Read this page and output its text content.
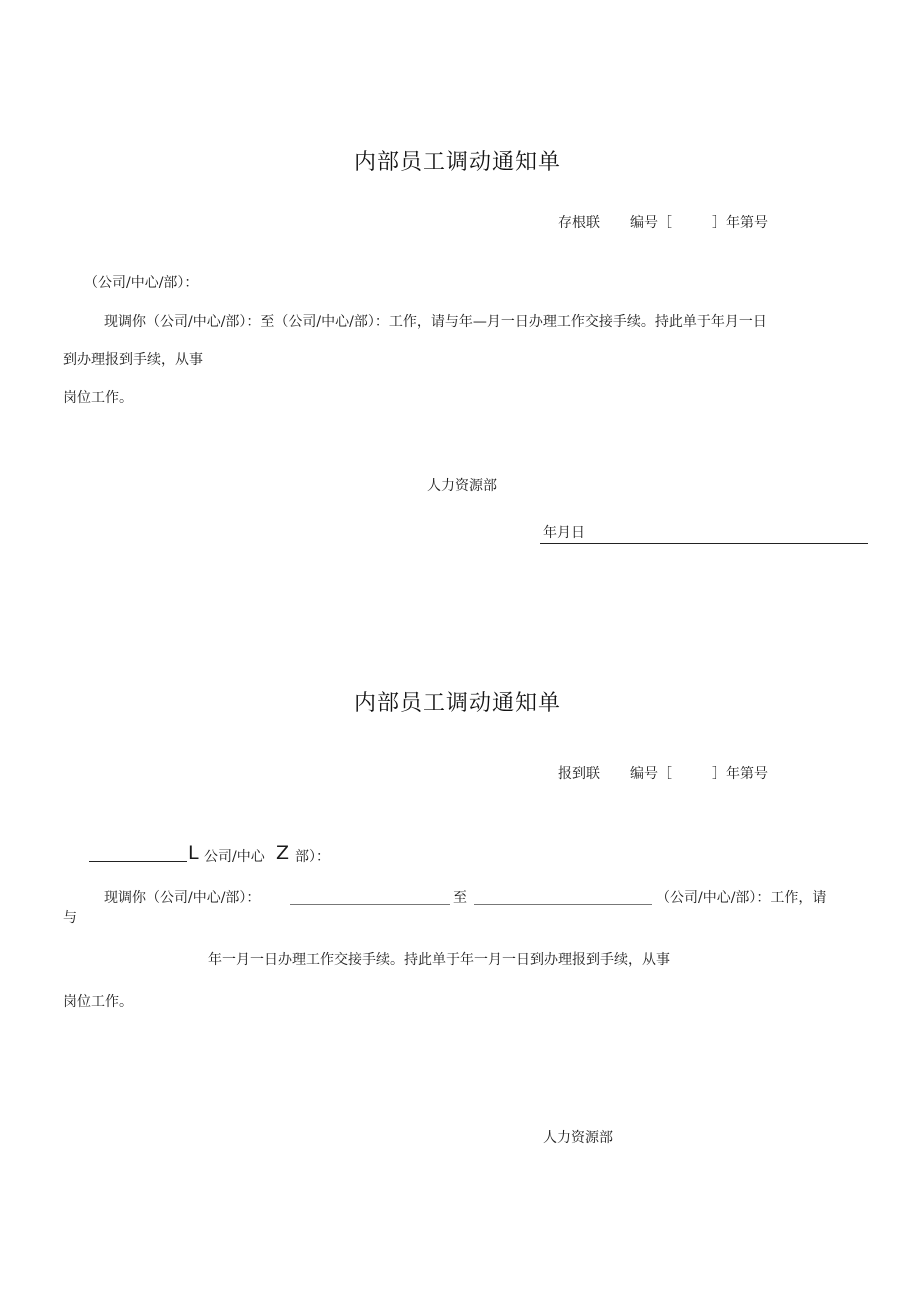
内部员工调动通知单
存根联 编号［	］年第号
（公司/中心/部）：
现调你（公司/中心/部）：至（公司/中心/部）：工作，请与年—月一日办理工作交接手续。持此单于年月一日
到办理报到手续，从事
岗位工作。
人力资源部
年月日
内部员工调动通知单
报到联 编号［	］年第号
L 公司/中心 Z 部）：
现调你（公司/中心/部）：	至	（公司/中心/部）：工作，请
与
年一月一日办理工作交接手续。持此单于年一月一日到办理报到手续，从事
岗位工作。
人力资源部
